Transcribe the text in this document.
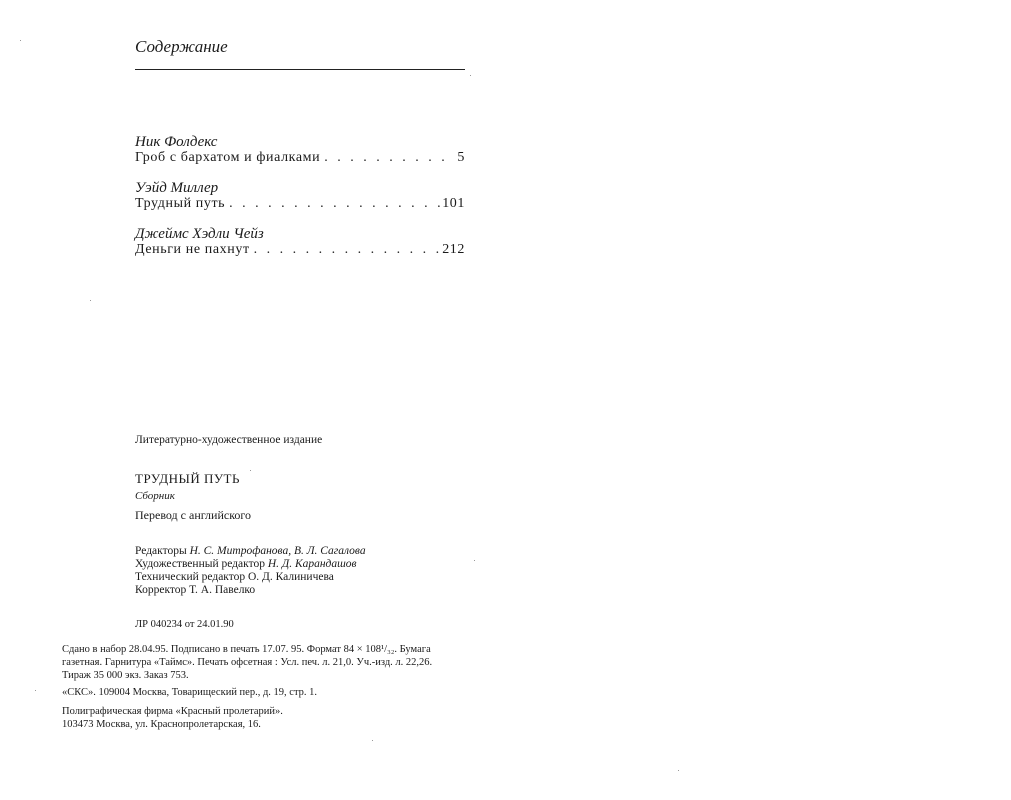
Содержание
Ник Фолдекс
Гроб с бархатом и фиалками . . .	5
Уэйд Миллер
Трудный путь . . .	101
Джеймс Хэдли Чейз
Деньги не пахнут . . .	212
Литературно-художественное издание
ТРУДНЫЙ ПУТЬ
Сборник
Перевод с английского
Редакторы Н. С. Митрофанова, В. Л. Сагалова
Художественный редактор Н. Д. Карандашов
Технический редактор О. Д. Калиничева
Корректор Т. А. Павелко
ЛР 040234 от 24.01.90
Сдано в набор 28.04.95. Подписано в печать 17.07. 95. Формат 84 × 108¹/₃₂. Бумага
газетная. Гарнитура «Таймс». Печать офсетная : Усл. печ. л. 21,0. Уч.-изд. л. 22,26.
Тираж 35 000 экз. Заказ 753.
«СКС». 109004 Москва, Товарищеский пер., д. 19, стр. 1.
Полиграфическая фирма «Красный пролетарий».
103473 Москва, ул. Краснопролетарская, 16.
